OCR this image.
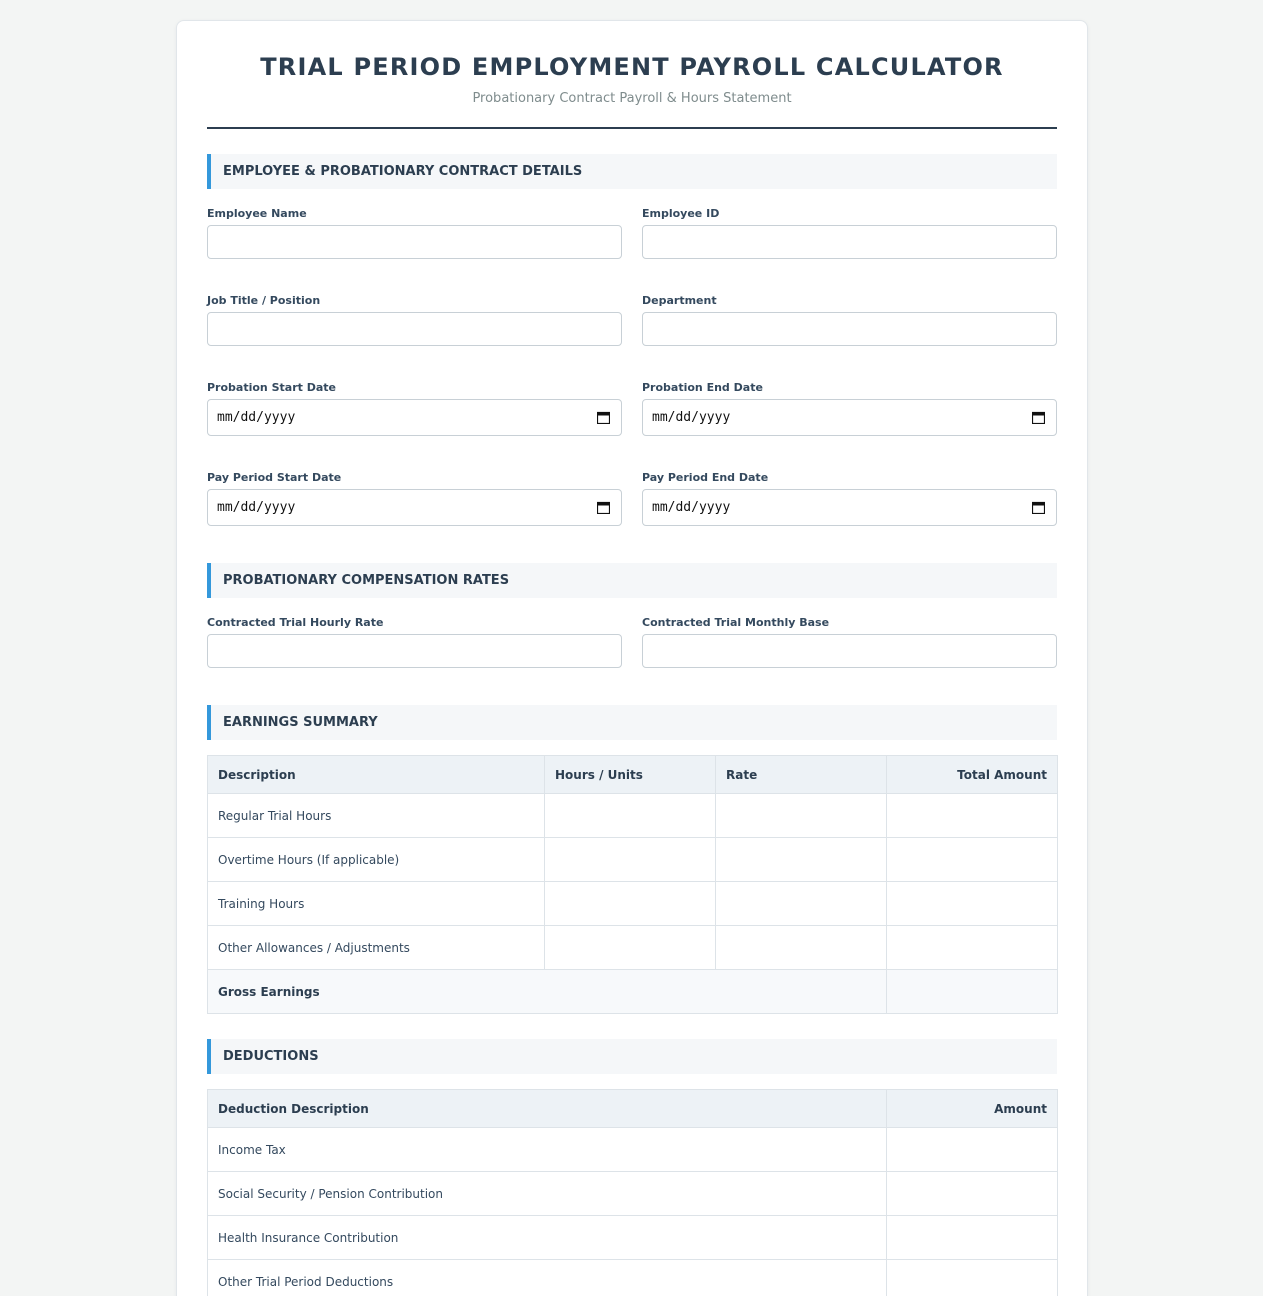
TRIAL PERIOD EMPLOYMENT PAYROLL CALCULATOR
Probationary Contract Payroll & Hours Statement
EMPLOYEE & PROBATIONARY CONTRACT DETAILS
Employee Name	Employee ID
Job Title / Position	Department
Probation Start Date
mm/dd/yyyy
Probation End Date
mm/dd/yyyy
Pay Period Start Date
mm/dd/yyyy
Pay Period End Date
mm/dd/yyyy
PROBATIONARY COMPENSATION RATES
Contracted Trial Hourly Rate	Contracted Trial Monthly Base
EARNINGS SUMMARY
Description	Hours / Units	Rate	Total Amount
Regular Trial Hours			
Overtime Hours (If applicable)			
Training Hours			
Other Allowances / Adjustments			
Gross Earnings			
DEDUCTIONS
Deduction Description	Amount
Income Tax	
Social Security / Pension Contribution	
Health Insurance Contribution	
Other Trial Period Deductions	
